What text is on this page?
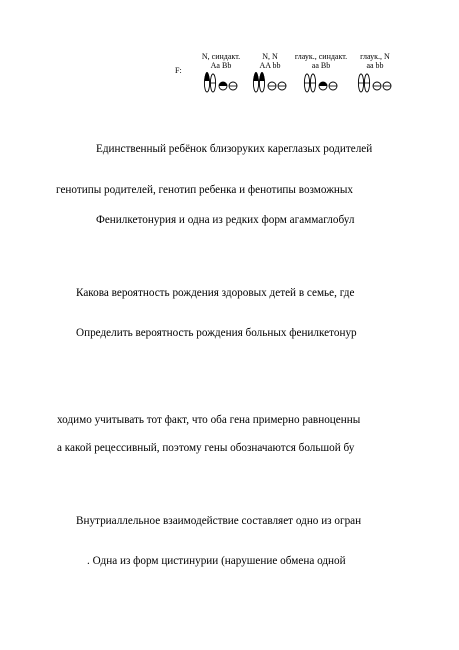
F:
N, синдакт.
Aa Bb
N, N
AA bb
глаук., синдакт.
aa Bb
глаук., N
aa bb
Единственный ребёнок близоруких кареглазых родителей
генотипы родителей, генотип ребенка и фенотипы возможных
Фенилкетонурия и одна из редких форм агаммаглобул
Какова вероятность рождения здоровых детей в семье, где
Определить вероятность рождения больных фенилкетонур
ходимо учитывать тот факт, что оба гена примерно равноценны
а какой рецессивный, поэтому гены обозначаются большой бу
Внутриаллельное взаимодействие составляет одно из огран
. Одна из форм цистинурии (нарушение обмена одной
